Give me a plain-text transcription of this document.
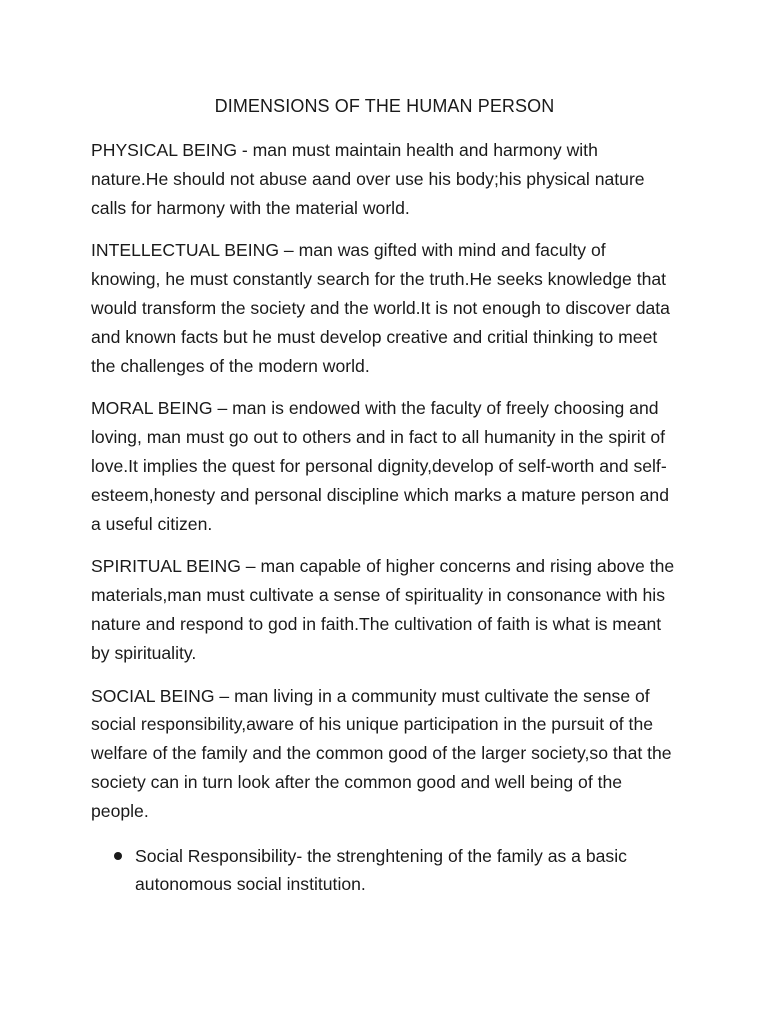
DIMENSIONS OF THE HUMAN PERSON

PHYSICAL BEING - man must maintain health and harmony with nature.He should not abuse aand over use his body;his physical nature calls for harmony with the material world.

INTELLECTUAL BEING – man was gifted with mind and faculty of knowing, he must constantly search for the truth.He seeks knowledge that would transform the society and the world.It is not enough to discover data and known facts but he must develop creative and critial thinking to meet the challenges of the modern world.

MORAL BEING – man is endowed with the faculty of freely choosing and loving, man must go out to others and in fact to all humanity in the spirit of love.It implies the quest for personal dignity,develop of self-worth and self-esteem,honesty and personal discipline which marks a mature person and a useful citizen.

SPIRITUAL BEING – man capable of higher concerns and rising above the materials,man must cultivate a sense of spirituality in consonance with his nature and respond to god in faith.The cultivation of faith is what is meant by spirituality.

SOCIAL BEING – man living in a community must cultivate the sense of social responsibility,aware of his unique participation in the pursuit of the welfare of the family and the common good of the larger society,so that the society can in turn look after the common good and well being of the people.

Social Responsibility- the strenghtening of the family as a basic autonomous social institution.
